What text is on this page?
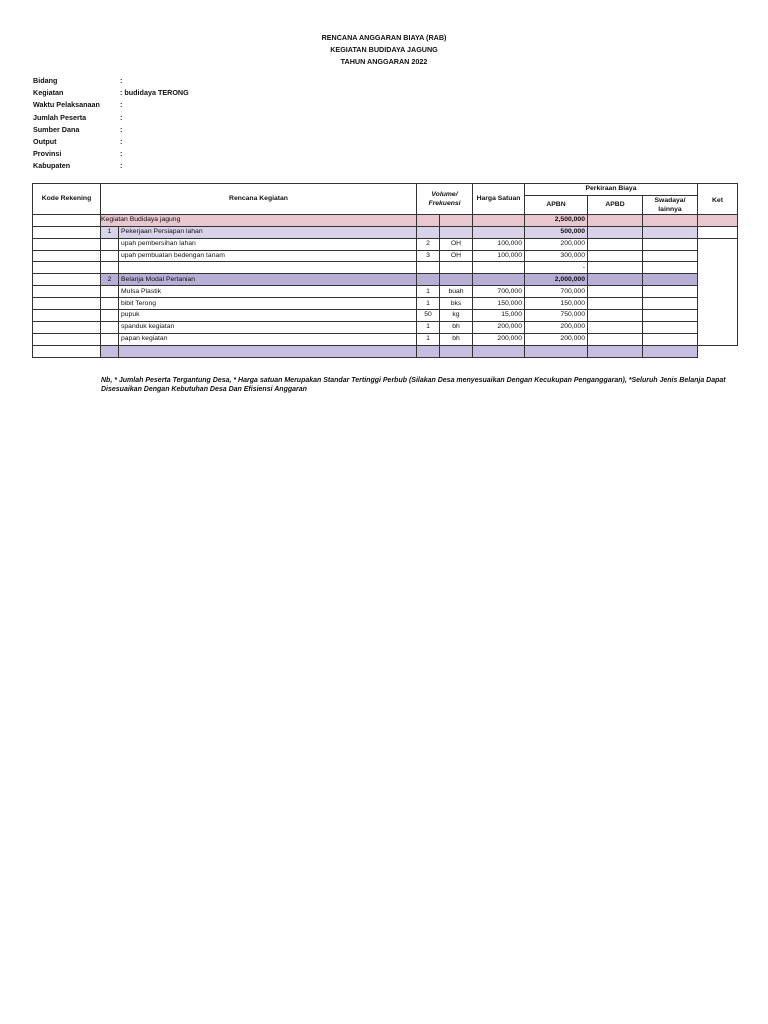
RENCANA ANGGARAN BIAYA (RAB)
KEGIATAN BUDIDAYA JAGUNG
TAHUN ANGGARAN 2022
Bidang	:
Kegiatan	: budidaya TERONG
Waktu Pelaksanaan	:
Jumlah Peserta	:
Sumber Dana	:
Output	:
Provinsi	:
Kabupaten	:
Kode Rekening	Rencana Kegiatan		Volume/ Frekuensi		Harga Satuan	Perkiraan Biaya			Ket
						APBN	APBD	Swadaya/ lainnya	
	Kegiatan Budidaya jagung					2,500,000			
	1	Pekerjaan Persiapan lahan				500,000			
		upah pembersihan lahan	2	OH	100,000	200,000			
		upah pembuatan bedengan tanam	3	OH	100,000	300,000			
						-			
	2	Belanja Modal Pertanian				2,000,000			
		Mulsa Plastik	1	buah	700,000	700,000			
		bibit Terong	1	bks	150,000	150,000			
		pupuk	50	kg	15,000	750,000			
		spanduk kegiatan	1	bh	200,000	200,000			
		papan kegiatan	1	bh	200,000	200,000			

Nb, * Jumlah Peserta Tergantung Desa, * Harga satuan Merupakan Standar Tertinggi Perbub (Silakan Desa menyesuaikan Dengan Kecukupan Penganggaran), *Seluruh Jenis Belanja Dapat Disesuaikan Dengan Kebutuhan Desa Dan Efisiensi Anggaran
